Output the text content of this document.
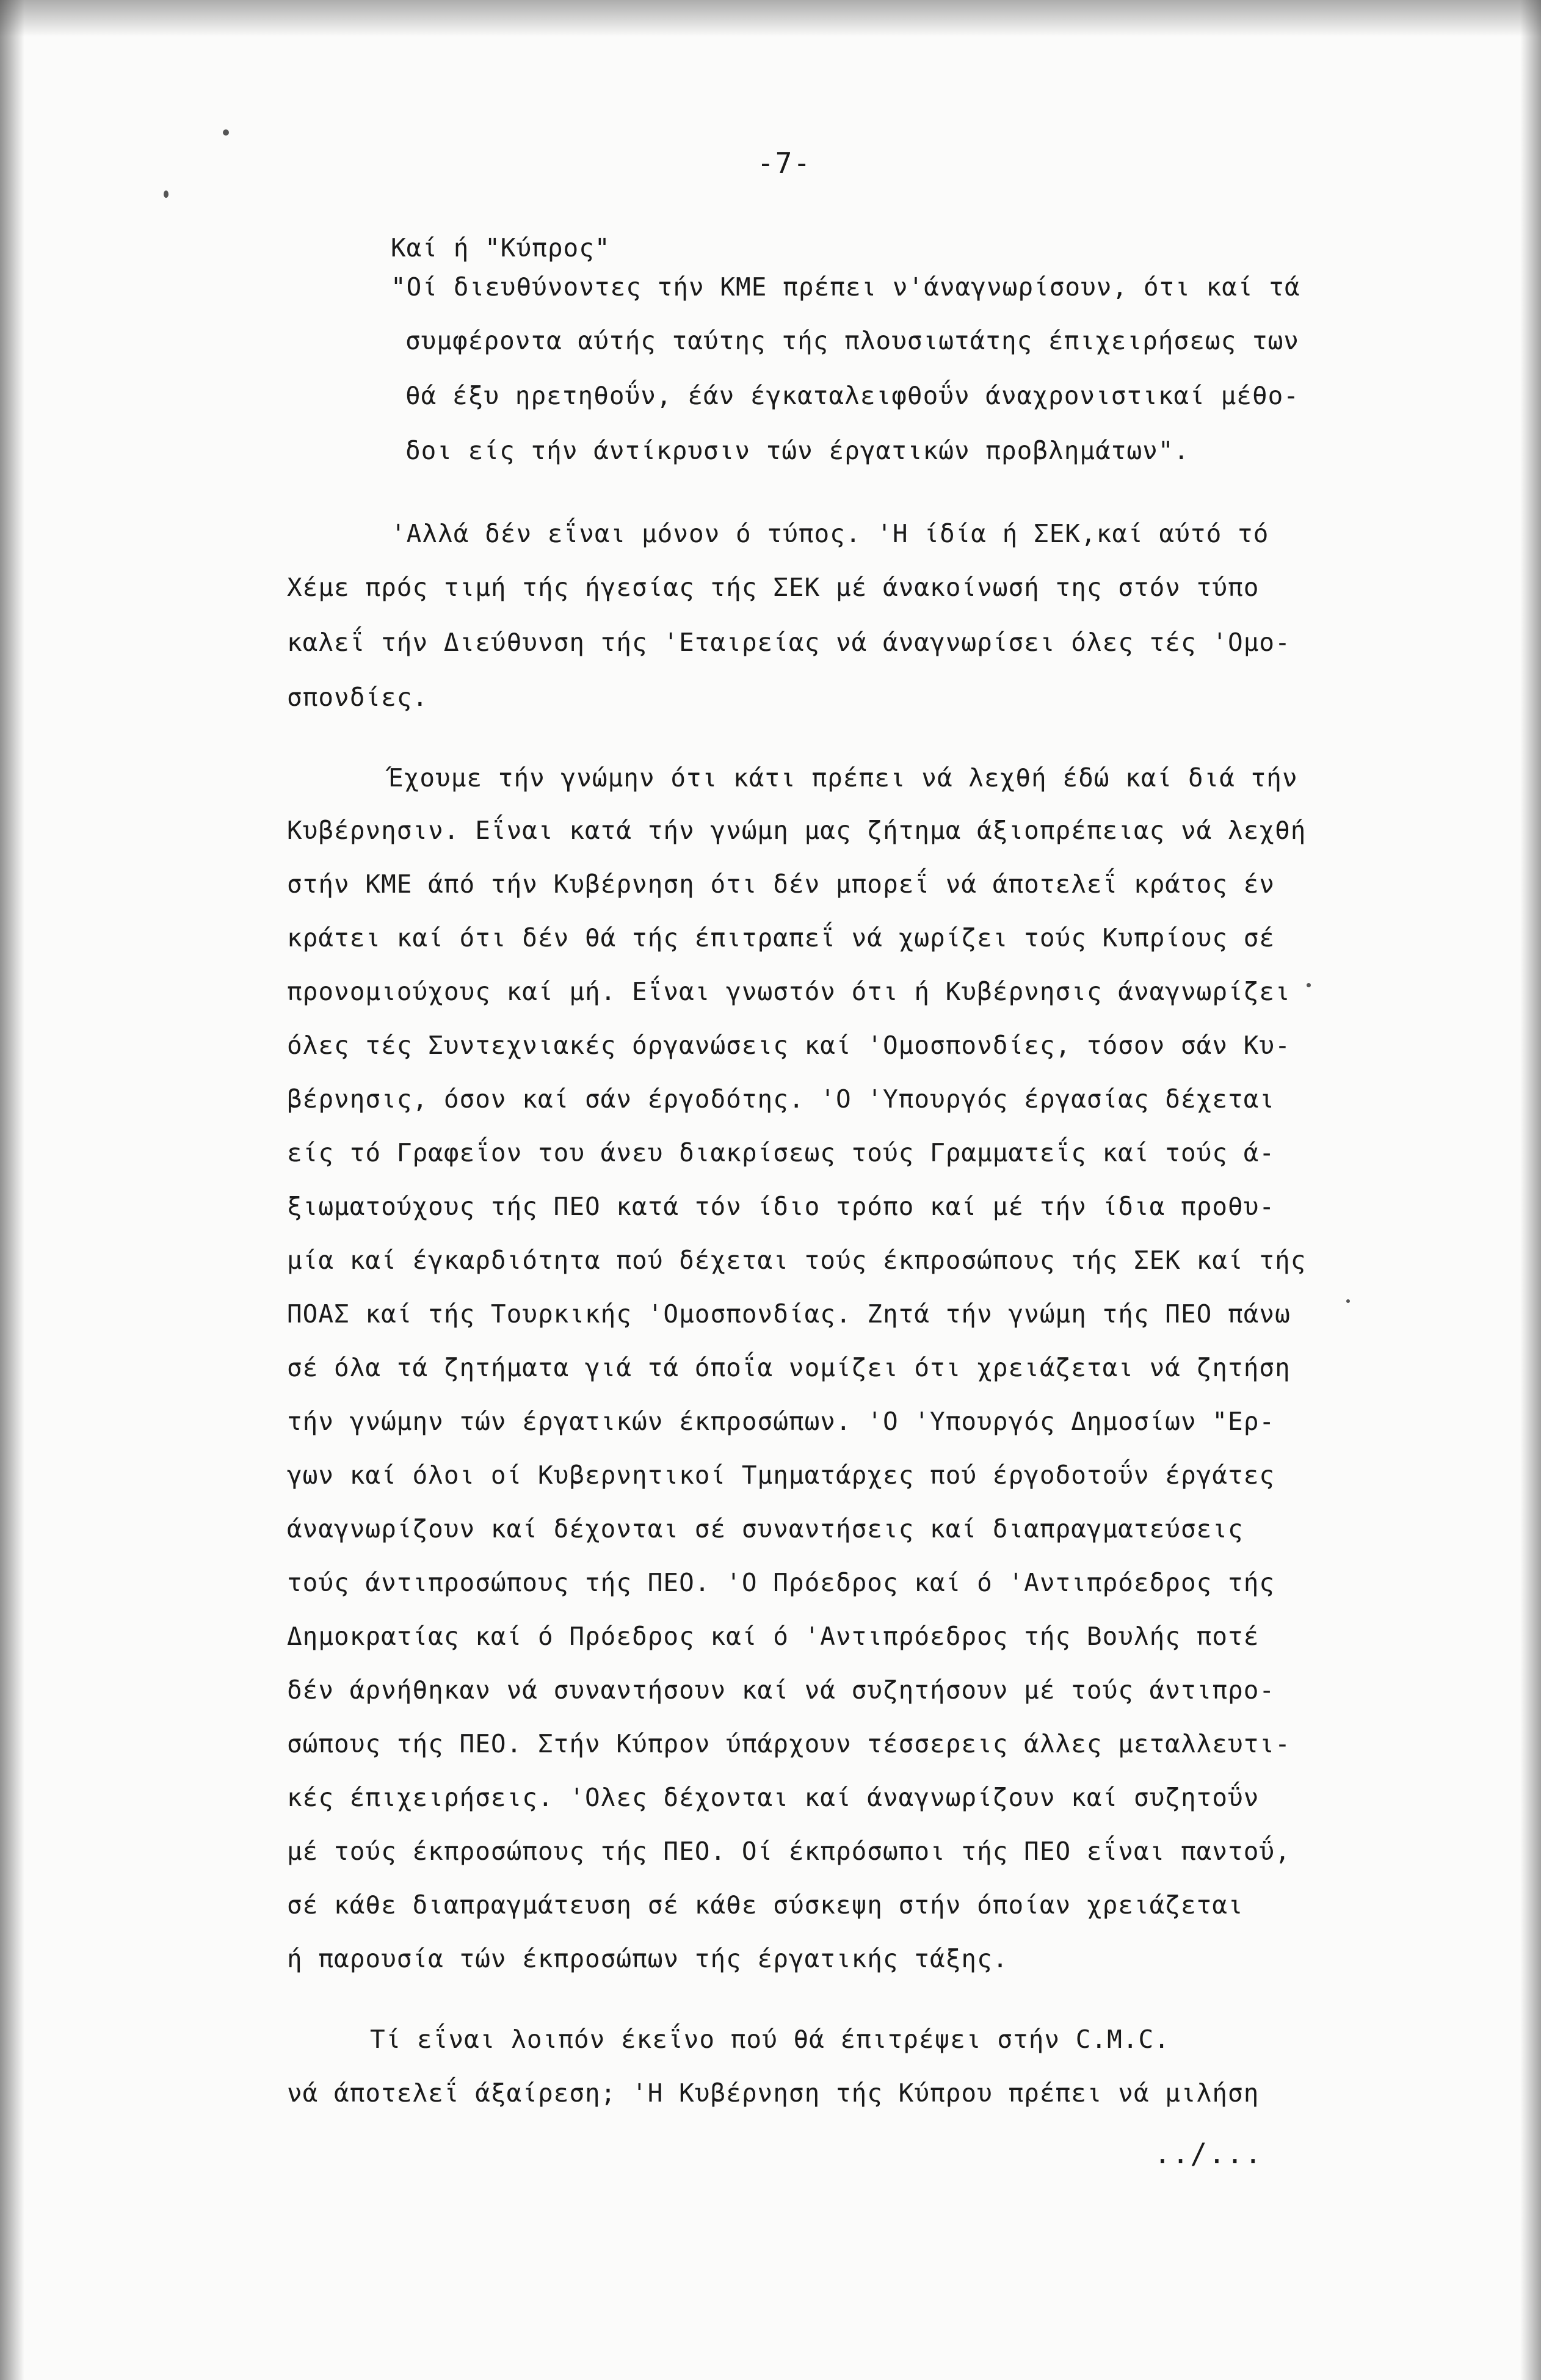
-7-
Καί ή "Κύπρος"
"Οί διευθύνοντες τήν ΚΜΕ πρέπει ν'άναγνωρίσουν, ότι καί τά
συμφέροντα αύτής ταύτης τής πλουσιωτάτης έπιχειρήσεως των
θά έξυ ηρετηθοΰν, έάν έγκαταλειφθοΰν άναχρονιστικαί μέθο-
δοι είς τήν άντίκρυσιν τών έργατικών προβλημάτων".
'Αλλά δέν εΐναι μόνον ό τύπος. 'Η ίδία ή ΣΕΚ,καί αύτό τό
Χέμε πρός τιμή τής ήγεσίας τής ΣΕΚ μέ άνακοίνωσή της στόν τύπο
καλεΐ τήν Διεύθυνση τής 'Εταιρείας νά άναγνωρίσει όλες τές 'Ομο-
σπονδίες.
Έχουμε τήν γνώμην ότι κάτι πρέπει νά λεχθή έδώ καί διά τήν
Κυβέρνησιν. Εΐναι κατά τήν γνώμη μας ζήτημα άξιοπρέπειας νά λεχθή
στήν ΚΜΕ άπό τήν Κυβέρνηση ότι δέν μπορεΐ νά άποτελεΐ κράτος έν
κράτει καί ότι δέν θά τής έπιτραπεΐ νά χωρίζει τούς Κυπρίους σέ
προνομιούχους καί μή. Εΐναι γνωστόν ότι ή Κυβέρνησις άναγνωρίζει
όλες τές Συντεχνιακές όργανώσεις καί 'Ομοσπονδίες, τόσον σάν Κυ-
βέρνησις, όσον καί σάν έργοδότης. 'Ο 'Υπουργός έργασίας δέχεται
είς τό Γραφεΐον του άνευ διακρίσεως τούς Γραμματεΐς καί τούς ά-
ξιωματούχους τής ΠΕΟ κατά τόν ίδιο τρόπο καί μέ τήν ίδια προθυ-
μία καί έγκαρδιότητα πού δέχεται τούς έκπροσώπους τής ΣΕΚ καί τής
ΠΟΑΣ καί τής Τουρκικής 'Ομοσπονδίας. Ζητά τήν γνώμη τής ΠΕΟ πάνω
σέ όλα τά ζητήματα γιά τά όποΐα νομίζει ότι χρειάζεται νά ζητήση
τήν γνώμην τών έργατικών έκπροσώπων. 'Ο 'Υπουργός Δημοσίων "Ερ-
γων καί όλοι οί Κυβερνητικοί Τμηματάρχες πού έργοδοτοΰν έργάτες
άναγνωρίζουν καί δέχονται σέ συναντήσεις καί διαπραγματεύσεις
τούς άντιπροσώπους τής ΠΕΟ. 'Ο Πρόεδρος καί ό 'Αντιπρόεδρος τής
Δημοκρατίας καί ό Πρόεδρος καί ό 'Αντιπρόεδρος τής Βουλής ποτέ
δέν άρνήθηκαν νά συναντήσουν καί νά συζητήσουν μέ τούς άντιπρο-
σώπους τής ΠΕΟ. Στήν Κύπρον ύπάρχουν τέσσερεις άλλες μεταλλευτι-
κές έπιχειρήσεις. 'Ολες δέχονται καί άναγνωρίζουν καί συζητοΰν
μέ τούς έκπροσώπους τής ΠΕΟ. Οί έκπρόσωποι τής ΠΕΟ εΐναι παντοΰ,
σέ κάθε διαπραγμάτευση σέ κάθε σύσκεψη στήν όποίαν χρειάζεται
ή παρουσία τών έκπροσώπων τής έργατικής τάξης.
Τί εΐναι λοιπόν έκεΐνο πού θά έπιτρέψει στήν C.M.C.
νά άποτελεΐ άξαίρεση; 'Η Κυβέρνηση τής Κύπρου πρέπει νά μιλήση
../...
